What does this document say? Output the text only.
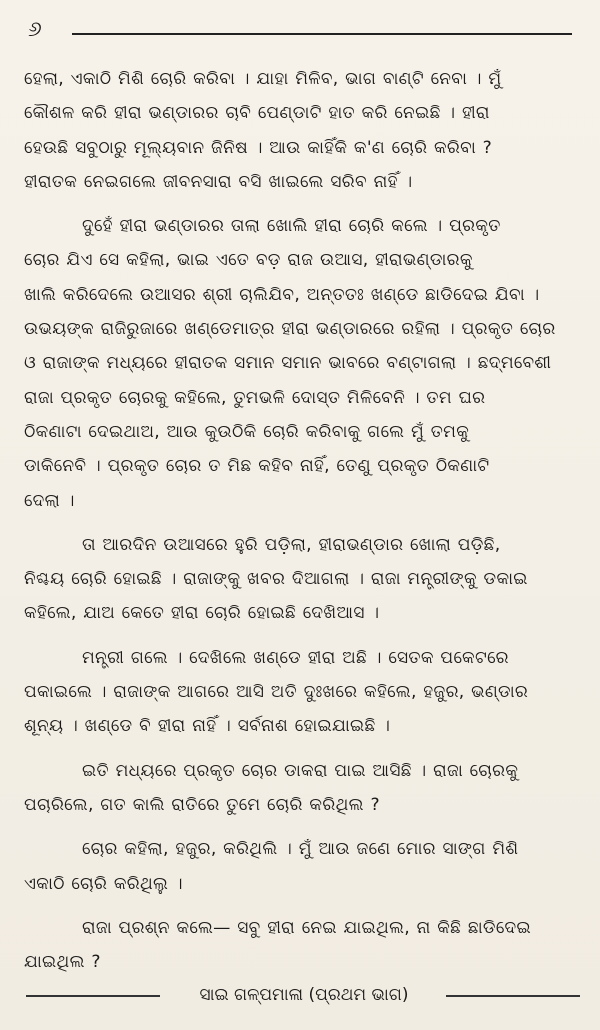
୬

ହେଲା, ଏକାଠି ମିଶି ଚୋରି କରିବା । ଯାହା ମିଳିବ, ଭାଗ ବାଣ୍ଟି ନେବା । ମୁଁ
କୌଶଳ କରି ହୀରା ଭଣ୍ଡାରର ଚାବି ପେଣ୍ଡାଟି ହାତ କରି ନେଇଛି । ହୀରା
ହେଉଛି ସବୁଠାରୁ ମୂଲ୍ୟବାନ ଜିନିଷ । ଆଉ କାହିଁକି କ'ଣ ଚୋରି କରିବା ?
ହୀରାତକ ନେଇଗଲେ ଜୀବନସାରା ବସି ଖାଇଲେ ସରିବ ନାହିଁ ।

ଦୁହେଁ ହୀରା ଭଣ୍ଡାରର ତାଲା ଖୋଲି ହୀରା ଚୋରି କଲେ । ପ୍ରକୃତ
ଚୋର ଯିଏ ସେ କହିଲା, ଭାଇ ଏତେ ବଡ଼ ରାଜ ଉଆସ, ହୀରାଭଣ୍ଡାରକୁ
ଖାଲି କରିଦେଲେ ଉଆସର ଶ୍ରୀ ଚାଲିଯିବ, ଅନ୍ତତଃ ଖଣ୍ଡେ ଛାଡିଦେଇ ଯିବା ।
ଉଭୟଙ୍କ ରାଜିରୁଜାରେ ଖଣ୍ଡେମାତ୍ର ହୀରା ଭଣ୍ଡାରରେ ରହିଲା । ପ୍ରକୃତ ଚୋର
ଓ ରାଜାଙ୍କ ମଧ୍ୟରେ ହୀରାତକ ସମାନ ସମାନ ଭାବରେ ବଣ୍ଟାଗଲା । ଛଦ୍ମବେଶୀ
ରାଜା ପ୍ରକୃତ ଚୋରକୁ କହିଲେ, ତୁମଭଳି ଦୋସ୍ତ ମିଳିବେନି । ତମ ଘର
ଠିକଣାଟା ଦେଇଥାଅ, ଆଉ କୁଉଠିକି ଚୋରି କରିବାକୁ ଗଲେ ମୁଁ ତମକୁ
ଡାକିନେବି । ପ୍ରକୃତ ଚୋର ତ ମିଛ କହିବ ନାହିଁ, ତେଣୁ ପ୍ରକୃତ ଠିକଣାଟି
ଦେଲା ।

ତା ଆରଦିନ ଉଆସରେ ହୁରି ପଡ଼ିଲା, ହୀରାଭଣ୍ଡାର ଖୋଲା ପଡ଼ିଛି,
ନିଶ୍ଚୟ ଚୋରି ହୋଇଛି । ରାଜାଙ୍କୁ ଖବର ଦିଆଗଲା । ରାଜା ମନ୍ତ୍ରୀଙ୍କୁ ଡକାଇ
କହିଲେ, ଯାଅ କେତେ ହୀରା ଚୋରି ହୋଇଛି ଦେଖିଆସ ।

ମନ୍ତ୍ରୀ ଗଲେ । ଦେଖିଲେ ଖଣ୍ଡେ ହୀରା ଅଛି । ସେତକ ପକେଟରେ
ପକାଇଲେ । ରାଜାଙ୍କ ଆଗରେ ଆସି ଅତି ଦୁଃଖରେ କହିଲେ, ହଜୁର, ଭଣ୍ଡାର
ଶୂନ୍ୟ । ଖଣ୍ଡେ ବି ହୀରା ନାହିଁ । ସର୍ବନାଶ ହୋଇଯାଇଛି ।

ଇତି ମଧ୍ୟରେ ପ୍ରକୃତ ଚୋର ଡାକରା ପାଇ ଆସିଛି । ରାଜା ଚୋରକୁ
ପଚାରିଲେ, ଗତ କାଲି ରାତିରେ ତୁମେ ଚୋରି କରିଥିଲ ?

ଚୋର କହିଲା, ହଜୁର, କରିଥିଲି । ମୁଁ ଆଉ ଜଣେ ମୋର ସାଙ୍ଗ ମିଶି
ଏକାଠି ଚୋରି କରିଥିଲୁ ।

ରାଜା ପ୍ରଶ୍ନ କଲେ— ସବୁ ହୀରା ନେଇ ଯାଇଥିଲ, ନା କିଛି ଛାଡିଦେଇ
ଯାଇଥିଲ ?

ସାଇ ଗଳ୍ପମାଳା (ପ୍ରଥମ ଭାଗ)
